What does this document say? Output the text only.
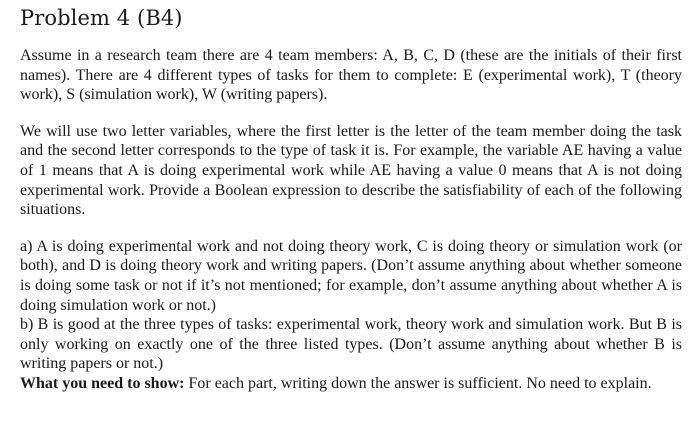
Problem 4 (B4)

Assume in a research team there are 4 team members: A, B, C, D (these are the initials of their first names). There are 4 different types of tasks for them to complete: E (experimental work), T (theory work), S (simulation work), W (writing papers).

We will use two letter variables, where the first letter is the letter of the team member doing the task and the second letter corresponds to the type of task it is. For example, the variable AE having a value of 1 means that A is doing experimental work while AE having a value 0 means that A is not doing experimental work. Provide a Boolean expression to describe the satisfiability of each of the following situations.

a) A is doing experimental work and not doing theory work, C is doing theory or simulation work (or both), and D is doing theory work and writing papers. (Don’t assume anything about whether someone is doing some task or not if it’s not mentioned; for example, don’t assume anything about whether A is doing simulation work or not.)

b) B is good at the three types of tasks: experimental work, theory work and simulation work. But B is only working on exactly one of the three listed types. (Don’t assume anything about whether B is writing papers or not.)

What you need to show: For each part, writing down the answer is sufficient. No need to explain.
